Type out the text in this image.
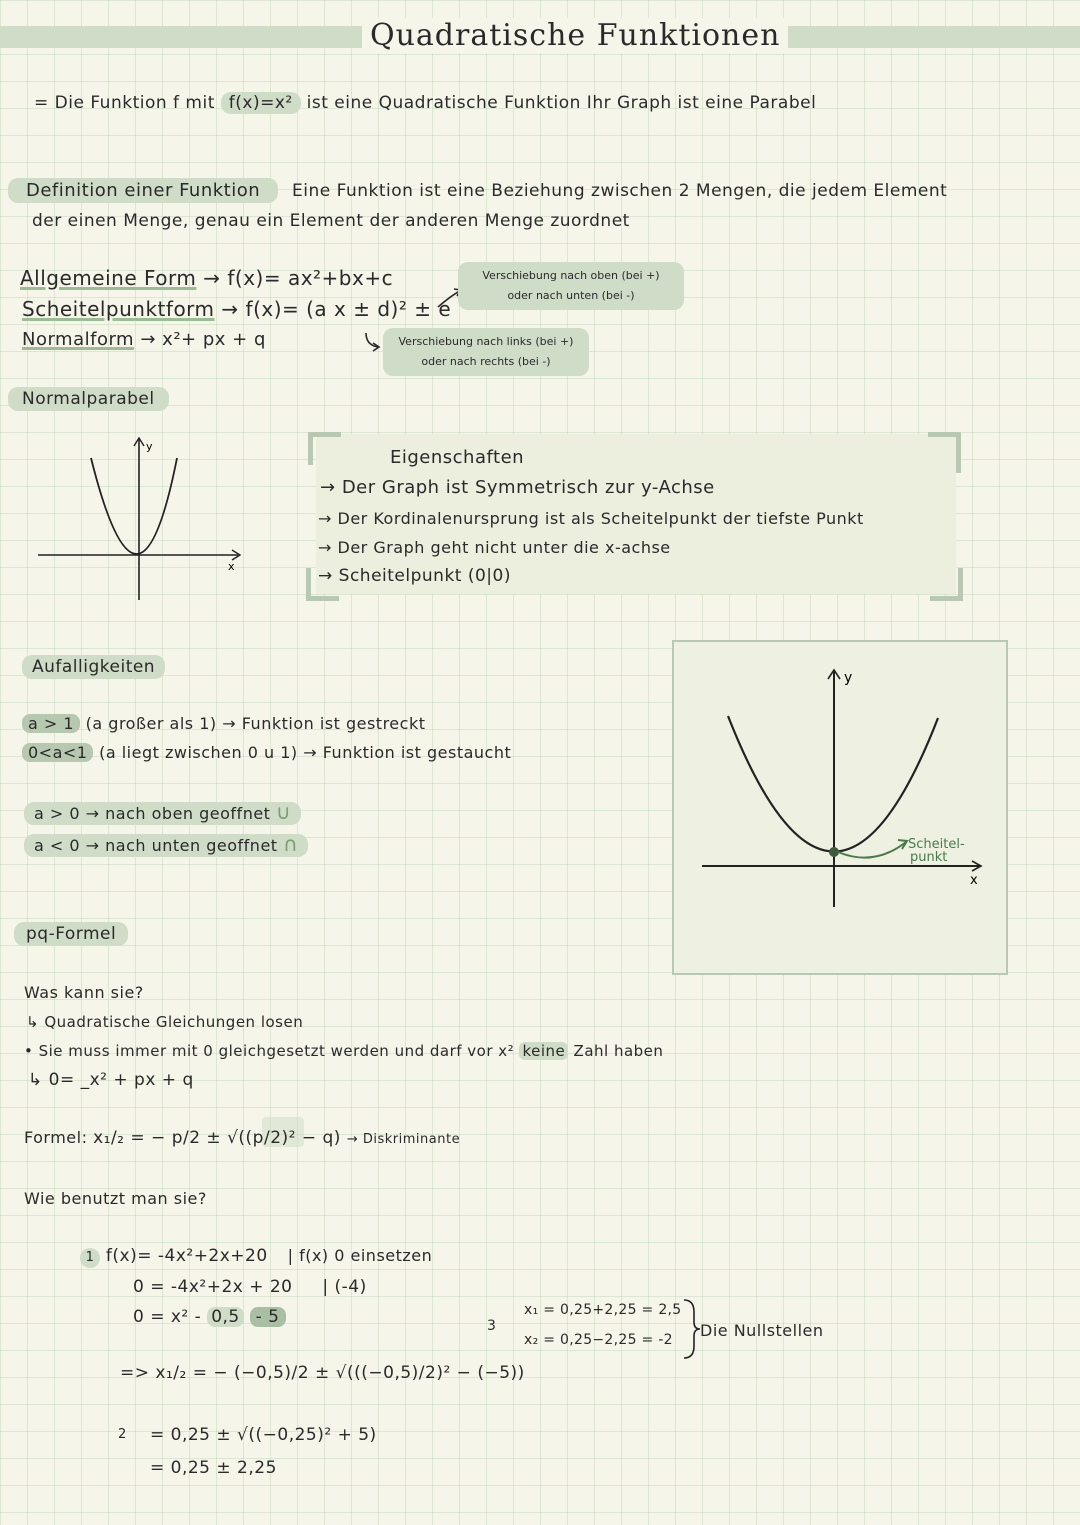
Quadratische Funktionen
= Die Funktion f mit f(x)=x² ist eine Quadratische Funktion Ihr Graph ist eine Parabel
Definition einer Funktion	Eine Funktion ist eine Beziehung zwischen 2 Mengen, die jedem Element
der einen Menge, genau ein Element der anderen Menge zuordnet
Allgemeine Form → f(x)= ax²+bx+c
Scheitelpunktform → f(x)= (a x ± d)² ± e
Normalform → x²+ px + q
Verschiebung nach oben (bei +)
oder nach unten (bei -)
Verschiebung nach links (bei +)
oder nach rechts (bei -)
Normalparabel
y
x
Eigenschaften
→ Der Graph ist Symmetrisch zur y-Achse
→ Der Kordinalenursprung ist als Scheitelpunkt der tiefste Punkt
→ Der Graph geht nicht unter die x-achse
→ Scheitelpunkt (0|0)
Aufalligkeiten
a > 1 (a großer als 1) → Funktion ist gestreckt
0<a<1 (a liegt zwischen 0 u 1) → Funktion ist gestaucht
a > 0 → nach oben geoffnet ∪
a < 0 → nach unten geoffnet ∩
y
x
Scheitel-
punkt
pq-Formel
Was kann sie?
↳ Quadratische Gleichungen losen
• Sie muss immer mit 0 gleichgesetzt werden und darf vor x² keine Zahl haben
↳ 0= _x² + px + q
Formel: x₁/₂ = − p/2 ± √((p/2)² − q) → Diskriminante
Wie benutzt man sie?
1 f(x)= -4x²+2x+20 | f(x) 0 einsetzen
0 = -4x²+2x + 20 | (-4)
0 = x² - 0,5 - 5
=> x₁/₂ = − (−0,5)/2 ± √(((−0,5)/2)² − (−5))
2 = 0,25 ± √((−0,25)² + 5)
= 0,25 ± 2,25
3
x₁ = 0,25+2,25 = 2,5
x₂ = 0,25−2,25 = -2 Die Nullstellen
